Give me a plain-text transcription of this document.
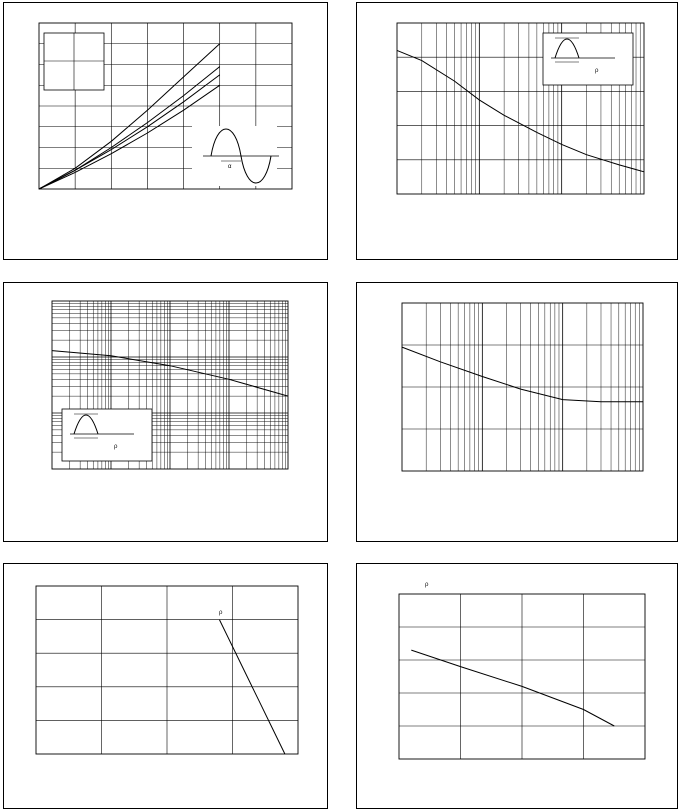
α
ρ
ρ
ρ
ρ
